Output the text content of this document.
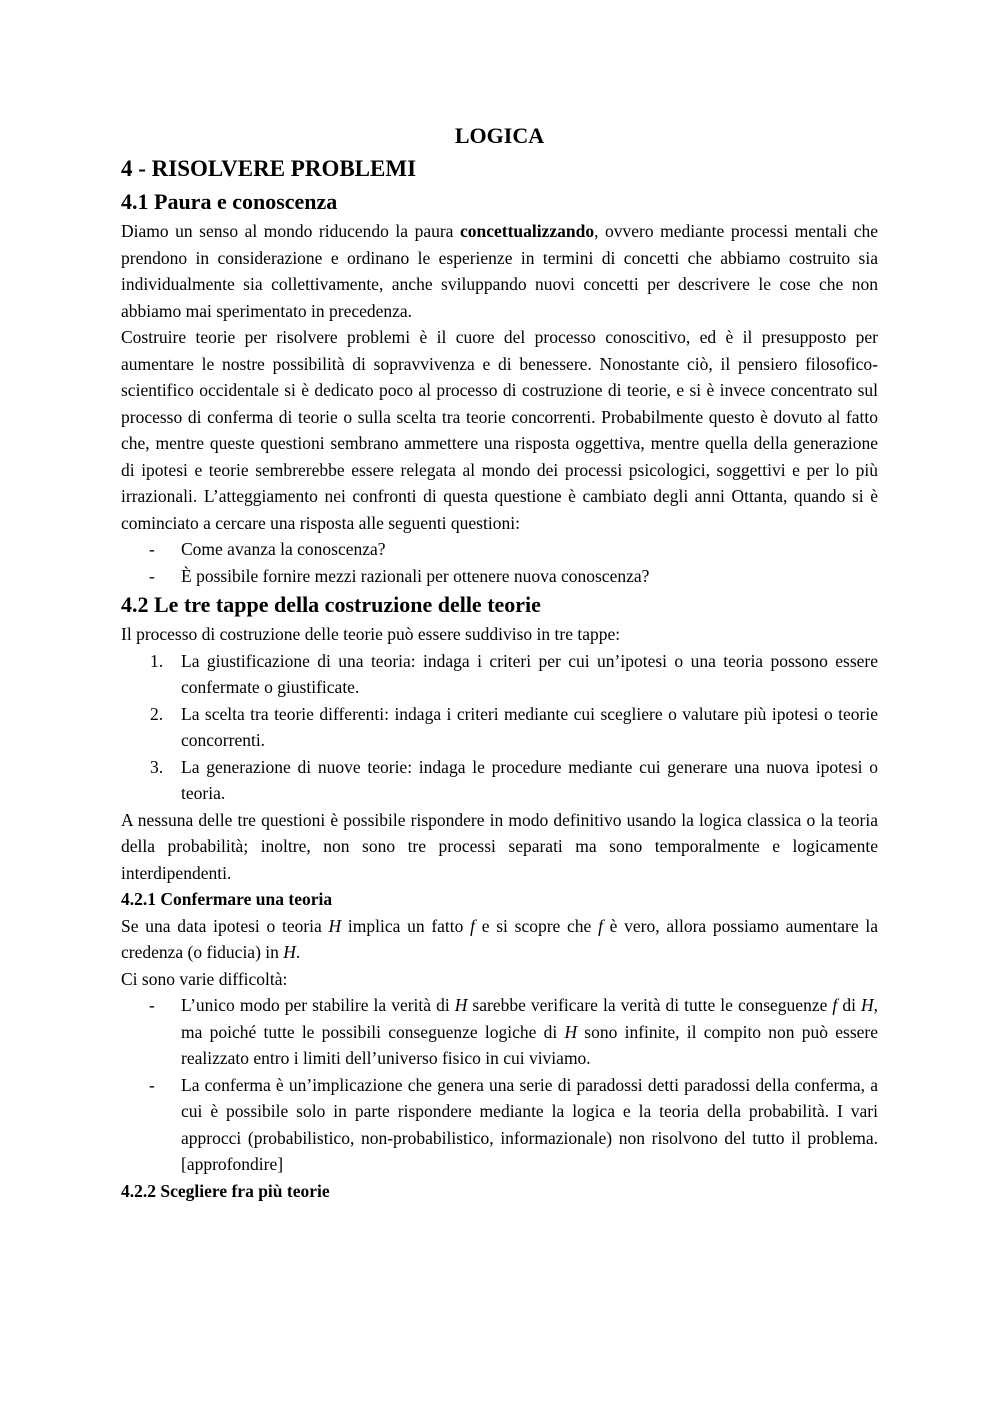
LOGICA
4 - RISOLVERE PROBLEMI
4.1 Paura e conoscenza

Diamo un senso al mondo riducendo la paura concettualizzando, ovvero mediante processi mentali che prendono in considerazione e ordinano le esperienze in termini di concetti che abbiamo costruito sia individualmente sia collettivamente, anche sviluppando nuovi concetti per descrivere le cose che non abbiamo mai sperimentato in precedenza.

Costruire teorie per risolvere problemi è il cuore del processo conoscitivo, ed è il presupposto per aumentare le nostre possibilità di sopravvivenza e di benessere. Nonostante ciò, il pensiero filosofico-scientifico occidentale si è dedicato poco al processo di costruzione di teorie, e si è invece concentrato sul processo di conferma di teorie o sulla scelta tra teorie concorrenti. Probabilmente questo è dovuto al fatto che, mentre queste questioni sembrano ammettere una risposta oggettiva, mentre quella della generazione di ipotesi e teorie sembrerebbe essere relegata al mondo dei processi psicologici, soggettivi e per lo più irrazionali. L’atteggiamento nei confronti di questa questione è cambiato degli anni Ottanta, quando si è cominciato a cercare una risposta alle seguenti questioni:

- Come avanza la conoscenza?
- È possibile fornire mezzi razionali per ottenere nuova conoscenza?
4.2 Le tre tappe della costruzione delle teorie

Il processo di costruzione delle teorie può essere suddiviso in tre tappe:

1. La giustificazione di una teoria: indaga i criteri per cui un’ipotesi o una teoria possono essere confermate o giustificate.
2. La scelta tra teorie differenti: indaga i criteri mediante cui scegliere o valutare più ipotesi o teorie concorrenti.
3. La generazione di nuove teorie: indaga le procedure mediante cui generare una nuova ipotesi o teoria.

A nessuna delle tre questioni è possibile rispondere in modo definitivo usando la logica classica o la teoria della probabilità; inoltre, non sono tre processi separati ma sono temporalmente e logicamente interdipendenti.

4.2.1 Confermare una teoria

Se una data ipotesi o teoria H implica un fatto f e si scopre che f è vero, allora possiamo aumentare la credenza (o fiducia) in H.

Ci sono varie difficoltà:

- L’unico modo per stabilire la verità di H sarebbe verificare la verità di tutte le conseguenze f di H, ma poiché tutte le possibili conseguenze logiche di H sono infinite, il compito non può essere realizzato entro i limiti dell’universo fisico in cui viviamo.
- La conferma è un’implicazione che genera una serie di paradossi detti paradossi della conferma, a cui è possibile solo in parte rispondere mediante la logica e la teoria della probabilità. I vari approcci (probabilistico, non-probabilistico, informazionale) non risolvono del tutto il problema. [approfondire]
4.2.2 Scegliere fra più teorie
